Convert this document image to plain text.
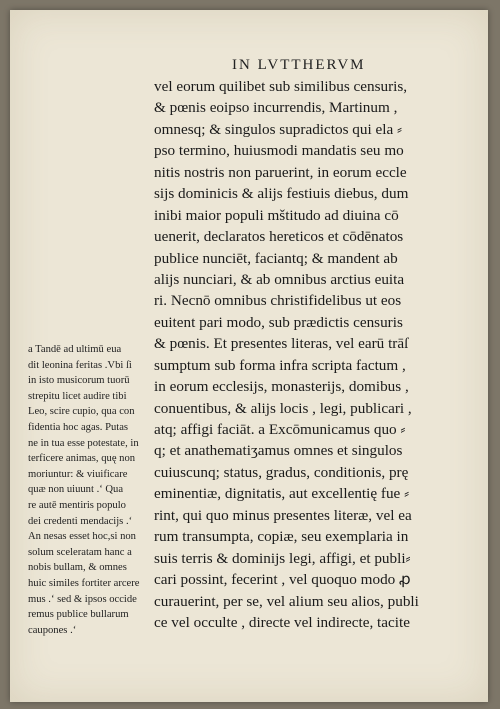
IN LVTTHERVM
vel eorum quilibet sub similibus censuris,
& pœnis eoipso incurrendis, Martinum ,
omnesq; & singulos supradictos qui ela ⸗
pso termino, huiusmodi mandatis seu mo
nitis nostris non paruerint, in eorum eccle
sijs dominicis & alijs festiuis diebus, dum
inibi maior populi mštitudo ad diuina cō
uenerit, declaratos hereticos et cōdēnatos
publice nunciēt, faciantq; & mandent ab
alijs nunciari, & ab omnibus arctius euita
ri. Necnō omnibus christifidelibus ut eos
euitent pari modo, sub prædictis censuris
& pœnis. Et presentes literas, vel earū trāſ
sumptum sub forma infra scripta factum ,
in eorum ecclesijs, monasterijs, domibus ,
conuentibus, & alijs locis , legi, publicari ,
atq; affigi faciāt. a Excōmunicamus quo ⸗
q; et anathematiʒamus omnes et singulos
cuiuscunq; status, gradus, conditionis, prę
eminentiæ, dignitatis, aut excellentię fue ⸗
rint, qui quo minus presentes literæ, vel ea
rum transumpta, copiæ, seu exemplaria in
suis terris & dominijs legi, affigi, et publi⸗
cari possint, fecerint , vel quoquo modo ꝓ
curauerint, per se, vel alium seu alios, publi
ce vel occulte , directe vel indirecte, tacite
a Tandē ad ultimū eua
dit leonina feritas .Vbi ſi
in isto musicorum tuorū
strepitu licet audire tibi
Leo, scire cupio, qua con
fidentia hoc agas. Putas
ne in tua esse potestate, in
terficere animas, quę non
moriuntur: & viuificare
quæ non uiuunt .ʻ Qua
re autē mentiris populo
dei credenti mendacijs .ʻ
An nesas esset hoc,si non
solum sceleratam hanc a
nobis bullam, & omnes
huic similes fortiter arcere
mus .ʻ sed & ipsos occide
remus publice bullarum
caupones .ʻ
